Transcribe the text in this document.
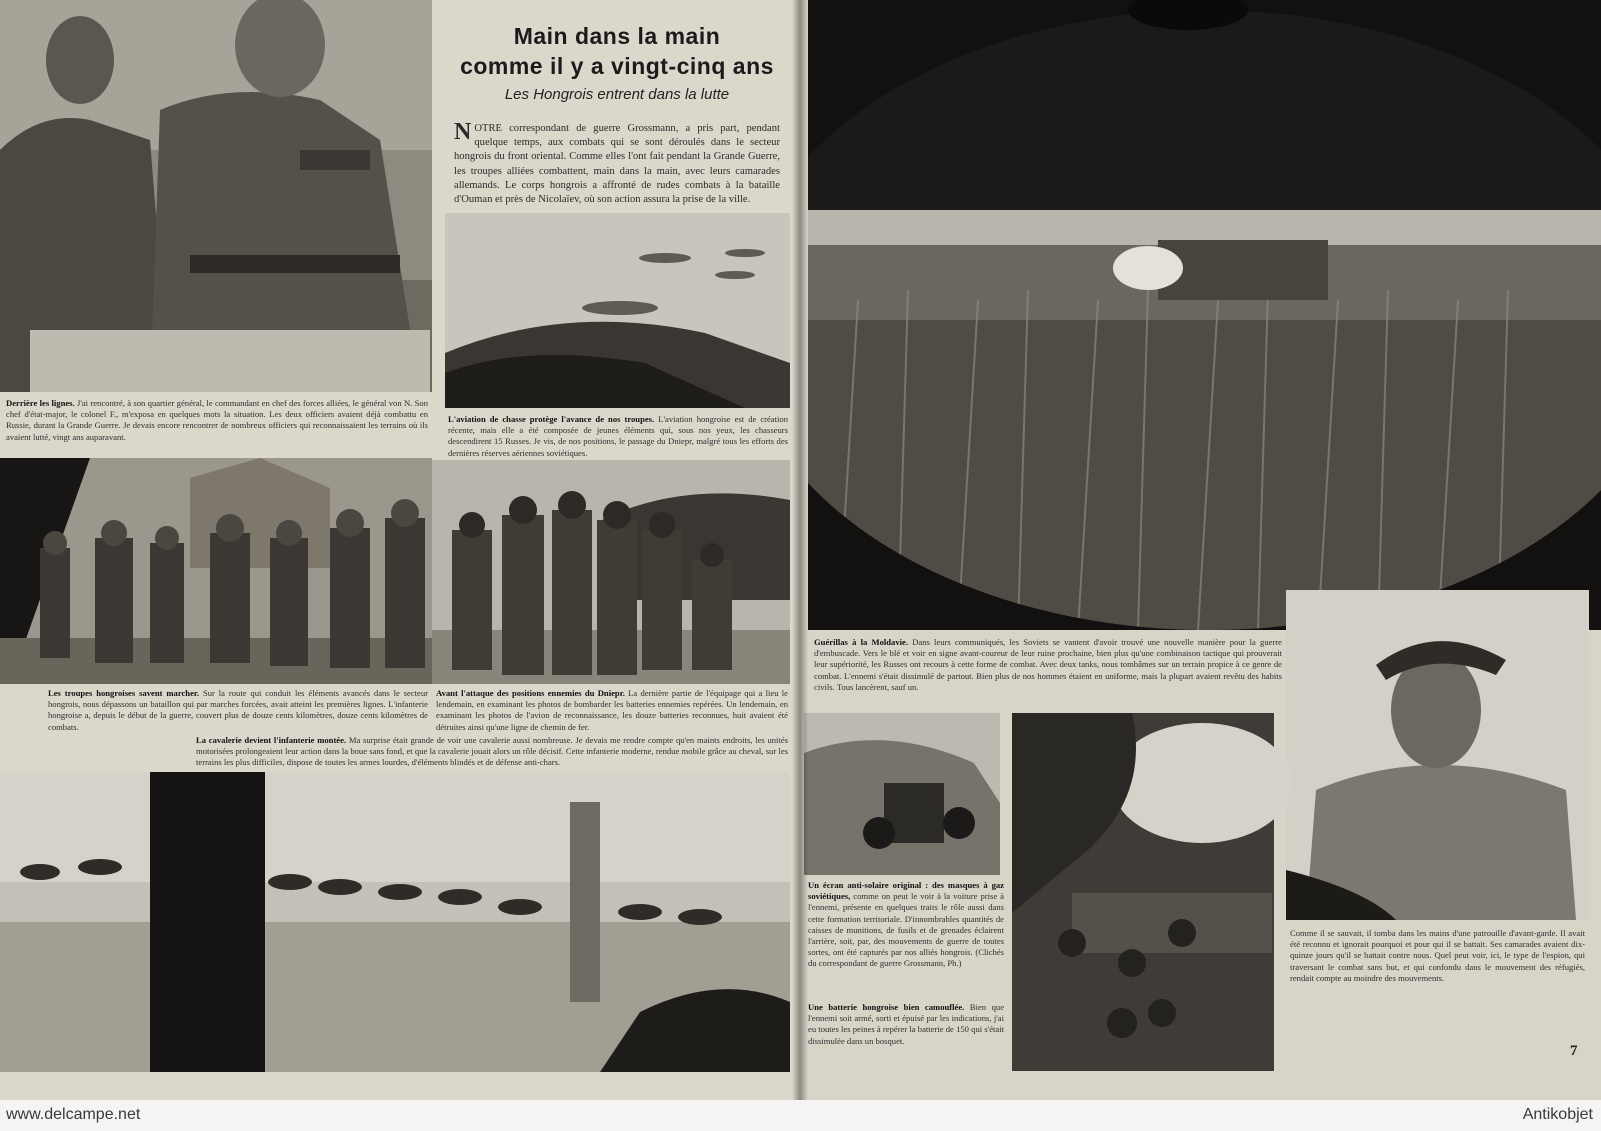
Main dans la main
comme il y a vingt-cinq ans
Les Hongrois entrent dans la lutte
NOTRE correspondant de guerre Grossmann, a pris part, pendant quelque temps, aux combats qui se sont déroulés dans le secteur hongrois du front oriental. Comme elles l'ont fait pendant la Grande Guerre, les troupes alliées combattent, main dans la main, avec leurs camarades allemands. Le corps hongrois a affronté de rudes combats à la bataille d'Ouman et près de Nicolaïev, où son action assura la prise de la ville.
Derrière les lignes. J'ai rencontré, à son quartier général, le commandant en chef des forces alliées, le général von N. Son chef d'état-major, le colonel F., m'exposa en quelques mots la situation. Les deux officiers avaient déjà combattu en Russie, durant la Grande Guerre. Je devais encore rencontrer de nombreux officiers qui reconnaissaient les terrains où ils avaient lutté, vingt ans auparavant.
L'aviation de chasse protège l'avance de nos troupes. L'aviation hongroise est de création récente, mais elle a été composée de jeunes éléments qui, sous nos yeux, les chasseurs descendirent 15 Russes. Je vis, de nos positions, le passage du Dniepr, malgré tous les efforts des dernières réserves aériennes soviétiques.
Les troupes hongroises savent marcher. Sur la route qui conduit les éléments avancés dans le secteur hongrois, nous dépassons un bataillon qui par marches forcées, avait atteint les premières lignes. L'infanterie hongroise a, depuis le début de la guerre, couvert plus de douze cents kilomètres, douze cents kilomètres de combats.
Avant l'attaque des positions ennemies du Dniepr. La dernière partie de l'équipage qui a lieu le lendemain, en examinant les photos de bombarder les batteries ennemies repérées. Un lendemain, en examinant les photos de l'avion de reconnaissance, les douze batteries reconnues, huit avaient été détruites ainsi qu'une ligne de chemin de fer.
La cavalerie devient l'infanterie montée. Ma surprise était grande de voir une cavalerie aussi nombreuse. Je devais me rendre compte qu'en maints endroits, les unités motorisées prolongeaient leur action dans la boue sans fond, et que la cavalerie jouait alors un rôle décisif. Cette infanterie moderne, rendue mobile grâce au cheval, sur les terrains les plus difficiles, dispose de toutes les armes lourdes, d'éléments blindés et de défense anti-chars.
Guérillas à la Moldavie. Dans leurs communiqués, les Soviets se vantent d'avoir trouvé une nouvelle manière pour la guerre d'embuscade. Vers le blé et voir en signe avant-coureur de leur ruine prochaine, bien plus qu'une combinaison tactique qui prouverait leur supériorité, les Russes ont recours à cette forme de combat. Avec deux tanks, nous tombâmes sur un terrain propice à ce genre de combat. L'ennemi s'était dissimulé de partout. Bien plus de nos hommes étaient en uniforme, mais la plupart avaient revêtu des habits civils. Tous lancèrent, sauf un.
Un écran anti-solaire original : des masques à gaz soviétiques, comme on peut le voir à la voiture prise à l'ennemi, présente en quelques traits le rôle aussi dans cette formation territoriale. D'innombrables quantités de caisses de munitions, de fusils et de grenades éclairent l'arrière, soit, par, des mouvements de guerre de toutes sortes, ont été capturés par nos alliés hongrois. (Clichés du correspondant de guerre Grossmann, Ph.)
Une batterie hongroise bien camouflée. Bien que l'ennemi soit armé, sorti et épuisé par les indications, j'ai eu toutes les peines à repérer la batterie de 150 qui s'était dissimulée dans un bosquet.
Comme il se sauvait, il tomba dans les mains d'une patrouille d'avant-garde. Il avait été reconnu et ignorait pourquoi et pour qui il se battait. Ses camarades avaient dix-quinze jours qu'il se battait contre nous. Quel peut voir, ici, le type de l'espion, qui traversant le combat sans but, et qui confondu dans le mouvement des réfugiés, rendait compte au moindre des mouvements.
7
www.delcampe.net	Antikobjet
